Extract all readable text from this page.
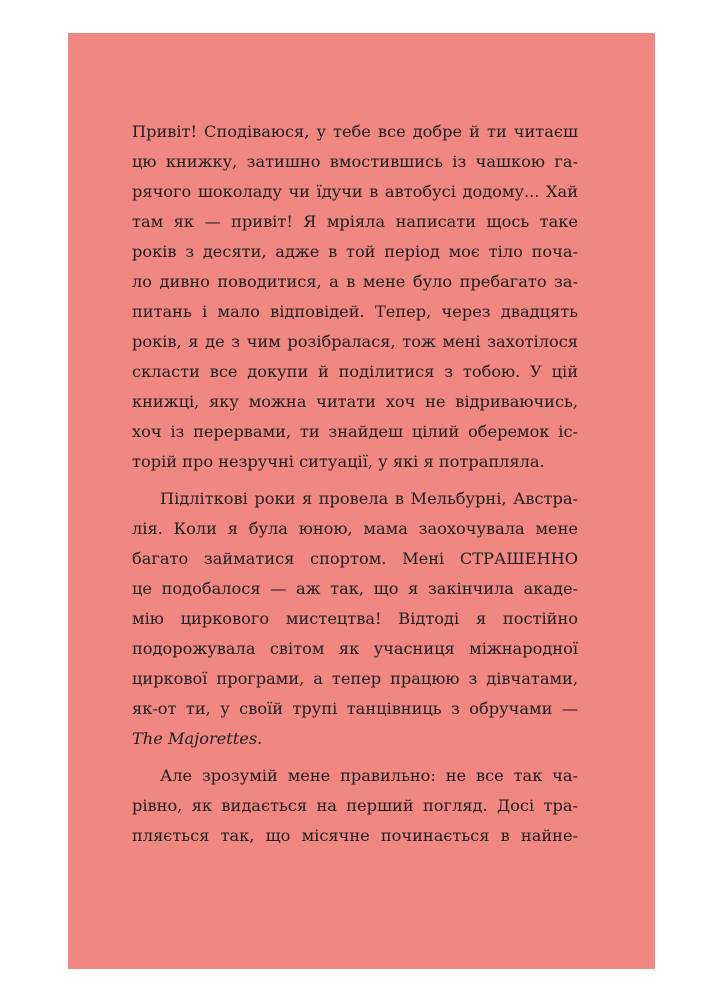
Привіт! Сподіваюся, у тебе все добре й ти читаєш
цю книжку, затишно вмостившись із чашкою га-
рячого шоколаду чи їдучи в автобусі додому... Хай
там як — привіт! Я мріяла написати щось таке
років з десяти, адже в той період моє тіло поча-
ло дивно поводитися, а в мене було пребагато за-
питань і мало відповідей. Тепер, через двадцять
років, я де з чим розібралася, тож мені захотілося
скласти все докупи й поділитися з тобою. У цій
книжці, яку можна читати хоч не відриваючись,
хоч із перервами, ти знайдеш цілий оберемок іс-
торій про незручні ситуації, у які я потрапляла.

Підліткові роки я провела в Мельбурні, Австра-
лія. Коли я була юною, мама заохочувала мене
багато займатися спортом. Мені СТРАШЕННО
це подобалося — аж так, що я закінчила акаде-
мію циркового мистецтва! Відтоді я постійно
подорожувала світом як учасниця міжнародної
циркової програми, а тепер працюю з дівчатами,
як-от ти, у своїй трупі танцівниць з обручами —
The Majorettes.

Але зрозумій мене правильно: не все так ча-
рівно, як видається на перший погляд. Досі тра-
пляється так, що місячне починається в найне-
